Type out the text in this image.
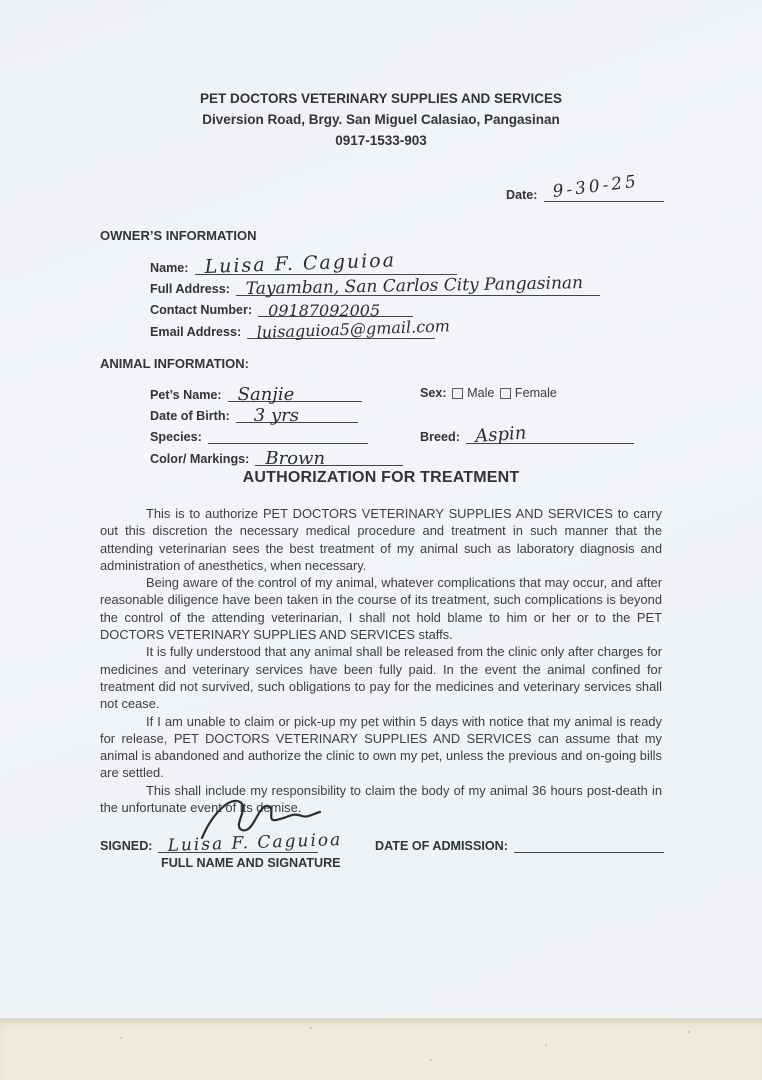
PET DOCTORS VETERINARY SUPPLIES AND SERVICES
Diversion Road, Brgy. San Miguel Calasiao, Pangasinan
0917-1533-903
Date: 9-30-25
OWNER’S INFORMATION
Name: Luisa F. Caguioa
Full Address: Tayamban, San Carlos City Pangasinan
Contact Number: 09187092005
Email Address: luisaguioa5@gmail.com
ANIMAL INFORMATION:
Pet’s Name: Sanjie	Sex: Male Female
Date of Birth: 3 yrs
Species:	Breed: Aspin
Color/ Markings: Brown
AUTHORIZATION FOR TREATMENT

This is to authorize PET DOCTORS VETERINARY SUPPLIES AND SERVICES to carry out this discretion the necessary medical procedure and treatment in such manner that the attending veterinarian sees the best treatment of my animal such as laboratory diagnosis and administration of anesthetics, when necessary.

Being aware of the control of my animal, whatever complications that may occur, and after reasonable diligence have been taken in the course of its treatment, such complications is beyond the control of the attending veterinarian, I shall not hold blame to him or her or to the PET DOCTORS VETERINARY SUPPLIES AND SERVICES staffs.

It is fully understood that any animal shall be released from the clinic only after charges for medicines and veterinary services have been fully paid. In the event the animal confined for treatment did not survived, such obligations to pay for the medicines and veterinary services shall not cease.

If I am unable to claim or pick-up my pet within 5 days with notice that my animal is ready for release, PET DOCTORS VETERINARY SUPPLIES AND SERVICES can assume that my animal is abandoned and authorize the clinic to own my pet, unless the previous and on-going bills are settled.

This shall include my responsibility to claim the body of my animal 36 hours post-death in the unfortunate event of its demise.

SIGNED: Luisa F. Caguioa
FULL NAME AND SIGNATURE
DATE OF ADMISSION:
